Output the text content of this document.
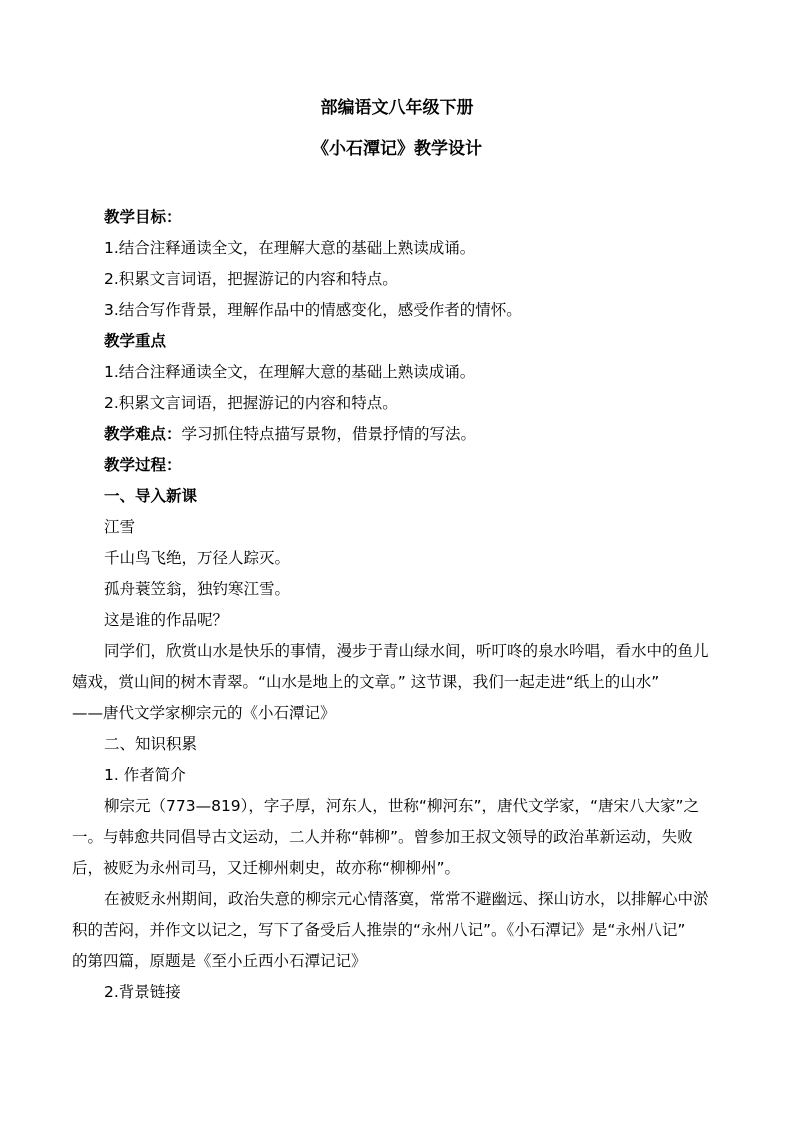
部编语文八年级下册
《小石潭记》教学设计
教学目标：
1.结合注释通读全文，在理解大意的基础上熟读成诵。
2.积累文言词语，把握游记的内容和特点。
3.结合写作背景，理解作品中的情感变化，感受作者的情怀。
教学重点
1.结合注释通读全文，在理解大意的基础上熟读成诵。
2.积累文言词语，把握游记的内容和特点。
教学难点：学习抓住特点描写景物，借景抒情的写法。
教学过程：
一、导入新课
江雪
千山鸟飞绝，万径人踪灭。
孤舟蓑笠翁，独钓寒江雪。
这是谁的作品呢？
同学们，欣赏山水是快乐的事情，漫步于青山绿水间，听叮咚的泉水吟唱，看水中的鱼儿
嬉戏，赏山间的树木青翠。“山水是地上的文章。” 这节课，我们一起走进“纸上的山水”
——唐代文学家柳宗元的《小石潭记》
二、知识积累
1. 作者简介
柳宗元（773—819），字子厚，河东人，世称“柳河东”，唐代文学家，“唐宋八大家”之
一。与韩愈共同倡导古文运动，二人并称“韩柳”。曾参加王叔文领导的政治革新运动，失败
后，被贬为永州司马，又迁柳州刺史，故亦称“柳柳州”。
在被贬永州期间，政治失意的柳宗元心情落寞，常常不避幽远、探山访水，以排解心中淤
积的苦闷，并作文以记之，写下了备受后人推崇的“永州八记”。《小石潭记》是“永州八记”
的第四篇，原题是《至小丘西小石潭记记》
2.背景链接
